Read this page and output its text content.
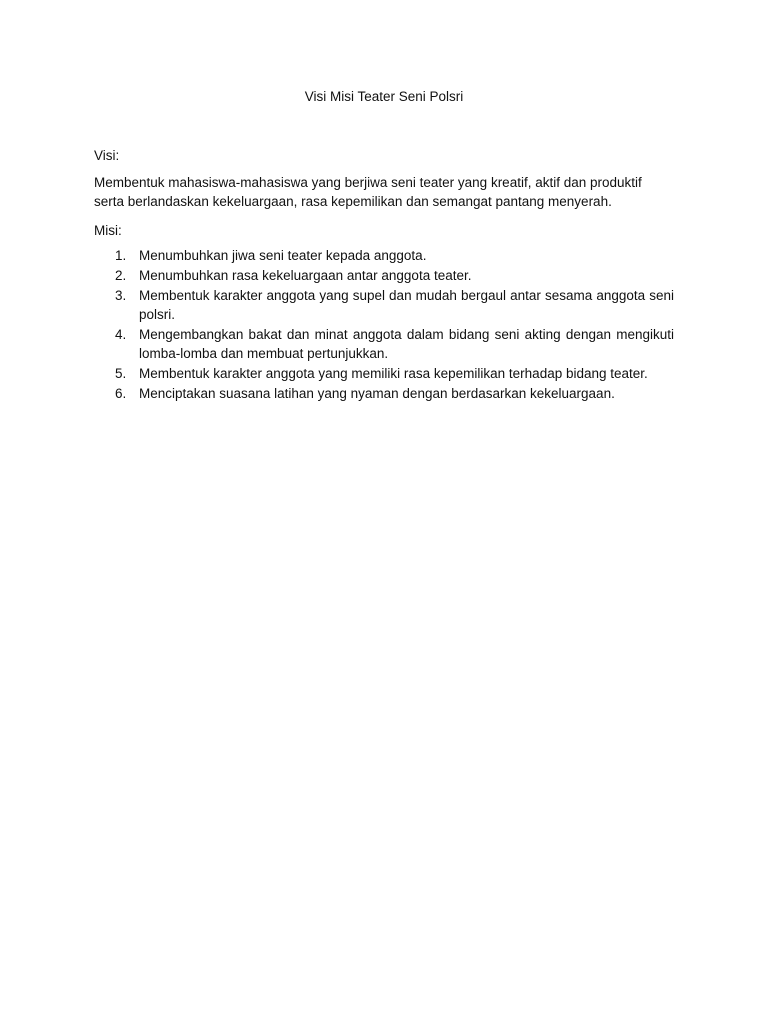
Visi Misi Teater Seni Polsri

Visi:

Membentuk mahasiswa-mahasiswa yang berjiwa seni teater yang kreatif, aktif dan produktif serta berlandaskan kekeluargaan, rasa kepemilikan dan semangat pantang menyerah.

Misi:

1. Menumbuhkan jiwa seni teater kepada anggota.
2. Menumbuhkan rasa kekeluargaan antar anggota teater.
3. Membentuk karakter anggota yang supel dan mudah bergaul antar sesama anggota seni polsri.
4. Mengembangkan bakat dan minat anggota dalam bidang seni akting dengan mengikuti lomba-lomba dan membuat pertunjukkan.
5. Membentuk karakter anggota yang memiliki rasa kepemilikan terhadap bidang teater.
6. Menciptakan suasana latihan yang nyaman dengan berdasarkan kekeluargaan.
